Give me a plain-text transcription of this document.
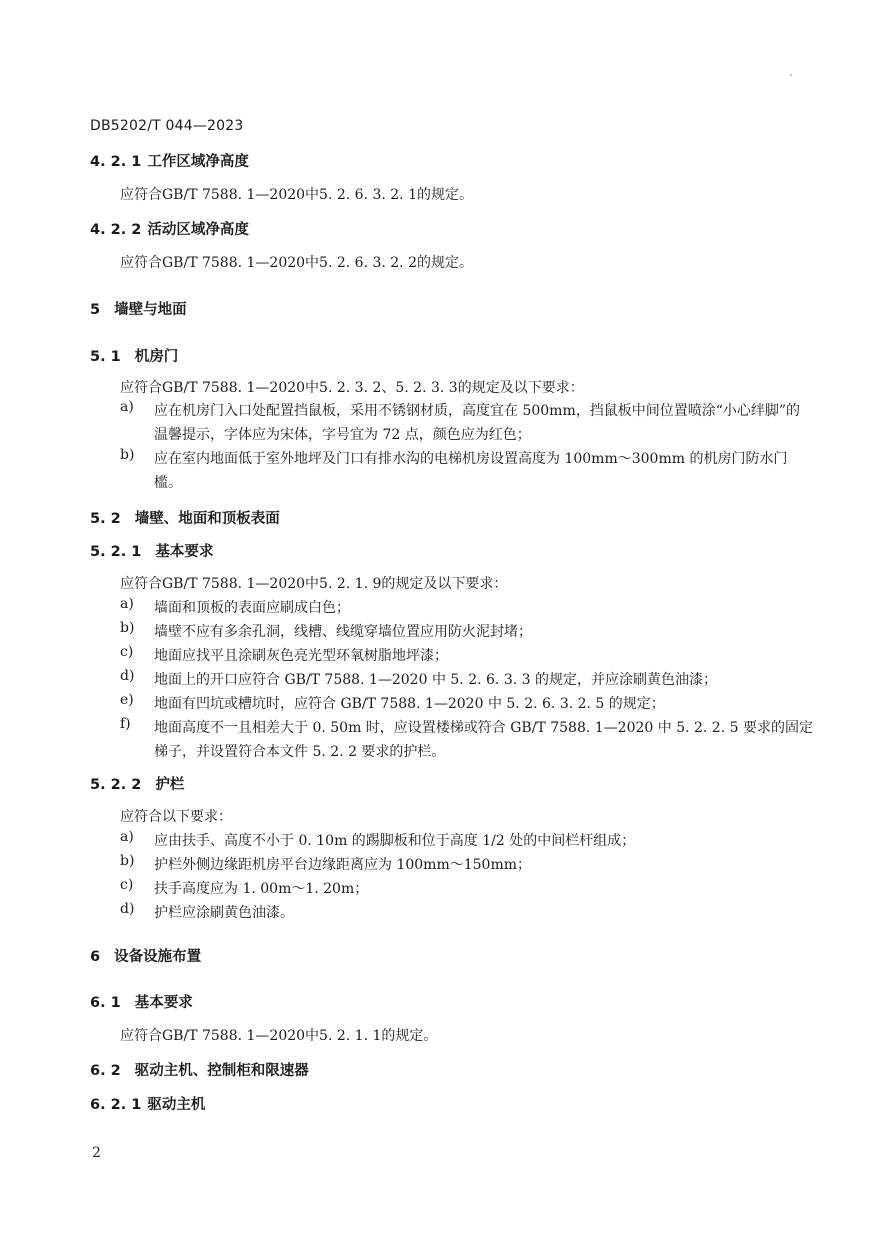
DB5202/T 044—2023
4. 2. 1 工作区域净高度
应符合GB/T 7588. 1—2020中5. 2. 6. 3. 2. 1的规定。
4. 2. 2 活动区域净高度
应符合GB/T 7588. 1—2020中5. 2. 6. 3. 2. 2的规定。
5 墙壁与地面
5. 1 机房门
应符合GB/T 7588. 1—2020中5. 2. 3. 2、5. 2. 3. 3的规定及以下要求：
a)	应在机房门入口处配置挡鼠板，采用不锈钢材质，高度宜在 500mm，挡鼠板中间位置喷涂“小心绊脚”的温馨提示，字体应为宋体，字号宜为 72 点，颜色应为红色；
b)	应在室内地面低于室外地坪及门口有排水沟的电梯机房设置高度为 100mm～300mm 的机房门防水门槛。
5. 2 墙壁、地面和顶板表面
5. 2. 1 基本要求
应符合GB/T 7588. 1—2020中5. 2. 1. 9的规定及以下要求：
a)	墙面和顶板的表面应刷成白色；
b)	墙壁不应有多余孔洞，线槽、线缆穿墙位置应用防火泥封堵；
c)	地面应找平且涂刷灰色亮光型环氧树脂地坪漆；
d)	地面上的开口应符合 GB/T 7588. 1—2020 中 5. 2. 6. 3. 3 的规定，并应涂刷黄色油漆；
e)	地面有凹坑或槽坑时，应符合 GB/T 7588. 1—2020 中 5. 2. 6. 3. 2. 5 的规定；
f)	地面高度不一且相差大于 0. 50m 时，应设置楼梯或符合 GB/T 7588. 1—2020 中 5. 2. 2. 5 要求的固定梯子，并设置符合本文件 5. 2. 2 要求的护栏。
5. 2. 2 护栏
应符合以下要求：
a)	应由扶手、高度不小于 0. 10m 的踢脚板和位于高度 1/2 处的中间栏杆组成；
b)	护栏外侧边缘距机房平台边缘距离应为 100mm～150mm；
c)	扶手高度应为 1. 00m～1. 20m；
d)	护栏应涂刷黄色油漆。
6 设备设施布置
6. 1 基本要求
应符合GB/T 7588. 1—2020中5. 2. 1. 1的规定。
6. 2 驱动主机、控制柜和限速器
6. 2. 1 驱动主机
2
